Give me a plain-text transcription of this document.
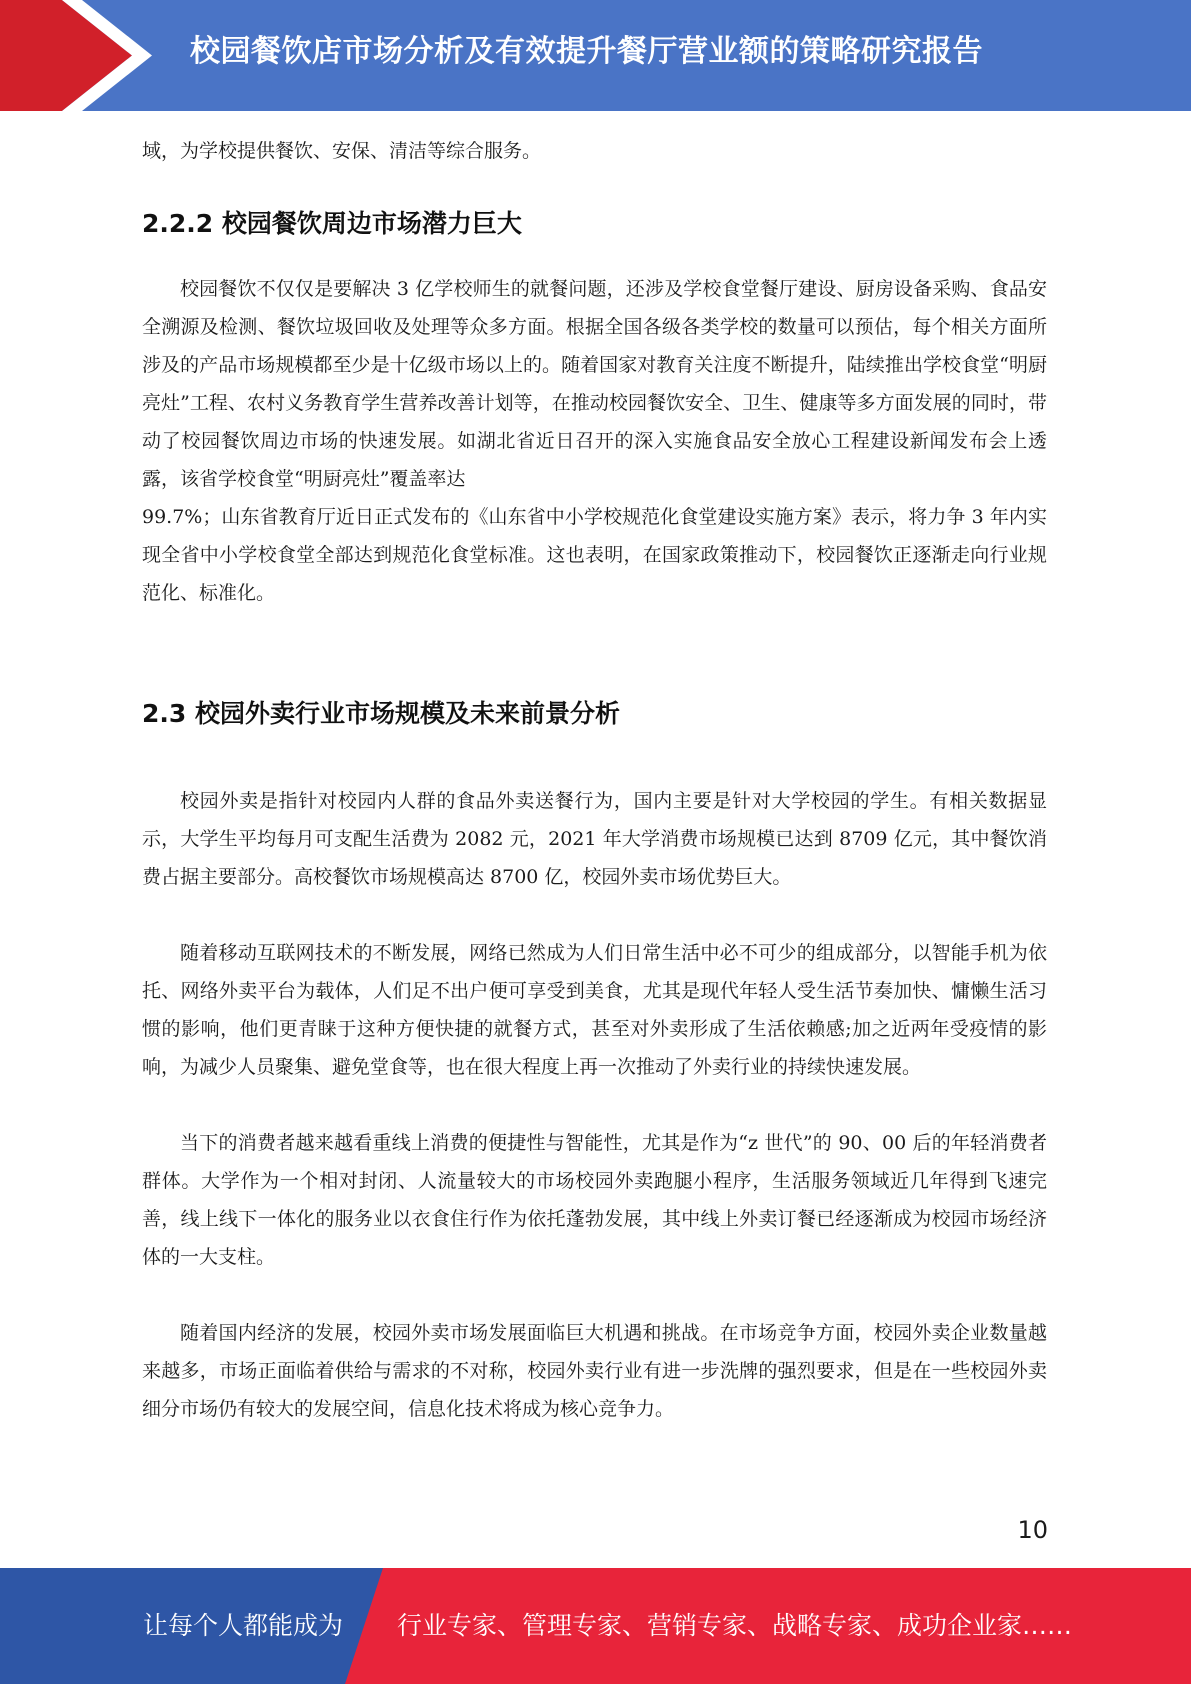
校园餐饮店市场分析及有效提升餐厅营业额的策略研究报告

域，为学校提供餐饮、安保、清洁等综合服务。

2.2.2 校园餐饮周边市场潜力巨大

校园餐饮不仅仅是要解决 3 亿学校师生的就餐问题，还涉及学校食堂餐厅建设、厨房设备采购、食品安全溯源及检测、餐饮垃圾回收及处理等众多方面。根据全国各级各类学校的数量可以预估，每个相关方面所涉及的产品市场规模都至少是十亿级市场以上的。随着国家对教育关注度不断提升，陆续推出学校食堂“明厨亮灶”工程、农村义务教育学生营养改善计划等，在推动校园餐饮安全、卫生、健康等多方面发展的同时，带动了校园餐饮周边市场的快速发展。如湖北省近日召开的深入实施食品安全放心工程建设新闻发布会上透露，该省学校食堂“明厨亮灶”覆盖率达

99.7%；山东省教育厅近日正式发布的《山东省中小学校规范化食堂建设实施方案》表示，将力争 3 年内实现全省中小学校食堂全部达到规范化食堂标准。这也表明，在国家政策推动下，校园餐饮正逐渐走向行业规范化、标准化。

2.3 校园外卖行业市场规模及未来前景分析

校园外卖是指针对校园内人群的食品外卖送餐行为，国内主要是针对大学校园的学生。有相关数据显示，大学生平均每月可支配生活费为 2082 元，2021 年大学消费市场规模已达到 8709 亿元，其中餐饮消费占据主要部分。高校餐饮市场规模高达 8700 亿，校园外卖市场优势巨大。

随着移动互联网技术的不断发展，网络已然成为人们日常生活中必不可少的组成部分，以智能手机为依托、网络外卖平台为载体，人们足不出户便可享受到美食，尤其是现代年轻人受生活节奏加快、慵懒生活习惯的影响，他们更青睐于这种方便快捷的就餐方式，甚至对外卖形成了生活依赖感;加之近两年受疫情的影响，为减少人员聚集、避免堂食等，也在很大程度上再一次推动了外卖行业的持续快速发展。

当下的消费者越来越看重线上消费的便捷性与智能性，尤其是作为“z 世代”的 90、00 后的年轻消费者群体。大学作为一个相对封闭、人流量较大的市场校园外卖跑腿小程序，生活服务领域近几年得到飞速完善，线上线下一体化的服务业以衣食住行作为依托蓬勃发展，其中线上外卖订餐已经逐渐成为校园市场经济体的一大支柱。

随着国内经济的发展，校园外卖市场发展面临巨大机遇和挑战。在市场竞争方面，校园外卖企业数量越来越多，市场正面临着供给与需求的不对称，校园外卖行业有进一步洗牌的强烈要求，但是在一些校园外卖细分市场仍有较大的发展空间，信息化技术将成为核心竞争力。

10
让每个人都能成为 行业专家、管理专家、营销专家、战略专家、成功企业家……
